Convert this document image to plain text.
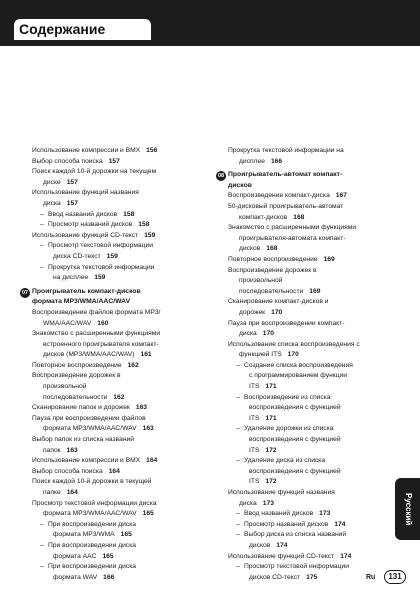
Содержание
Использование компрессии и BMX 156
Выбор способа поиска 157
Поиск каждой 10-й дорожки на текущем
диске 157
Использование функций названия
диска 157
– Ввод названий дисков 158
– Просмотр названий дисков 158
Использование функций CD-текст 159
– Просмотр текстовой информации
диска CD-текст 159
– Прокрутка текстовой информации
на дисплее 159
07 Проигрыватель компакт-дисков
формата MP3/WMA/AAC/WAV
Воспроизведение файлов формата MP3/
WMA/AAC/WAV 160
Знакомство с расширенными функциями
встроенного проигрывателя компакт-
дисков (MP3/WMA/AAC/WAV) 161
Повторное воспроизведение 162
Воспроизведение дорожек в
произвольной
последовательности 162
Сканирование папок и дорожек 163
Пауза при воспроизведении файлов
формата MP3/WMA/AAC/WAV 163
Выбор папок из списка названий
папок 163
Использование компрессии и BMX 164
Выбор способа поиска 164
Поиск каждой 10-й дорожки в текущей
папке 164
Просмотр текстовой информации диска
формата MP3/WMA/AAC/WAV 165
– При воспроизведении диска
формата MP3/WMA 165
– При воспроизведении диска
формата AAC 165
– При воспроизведении диска
формата WAV 166
Прокрутка текстовой информации на
дисплее 166
08 Проигрыватель-автомат компакт-
дисков
Воспроизведение компакт-диска 167
50-дисковый проигрыватель-автомат
компакт-дисков 168
Знакомство с расширенными функциями
проигрывателя-автомата компакт-
дисков 168
Повторное воспроизведение 169
Воспроизведение дорожек в
произвольной
последовательности 169
Сканирование компакт-дисков и
дорожек 170
Пауза при воспроизведении компакт-
диска 170
Использование списка воспроизведения с
функцией ITS 170
– Создание списка воспроизведения
с программированием функции
ITS 171
– Воспроизведение из списка
воспроизведения с функцией
ITS 171
– Удаление дорожки из списка
воспроизведения с функцией
ITS 172
– Удаление диска из списка
воспроизведения с функцией
ITS 172
Использование функций названия
диска 173
– Ввод названий дисков 173
– Просмотр названий дисков 174
– Выбор диска из списка названий
дисков 174
Использование функций CD-текст 174
– Просмотр текстовой информации
дисков CD-текст 175
Русский
Ru	131
